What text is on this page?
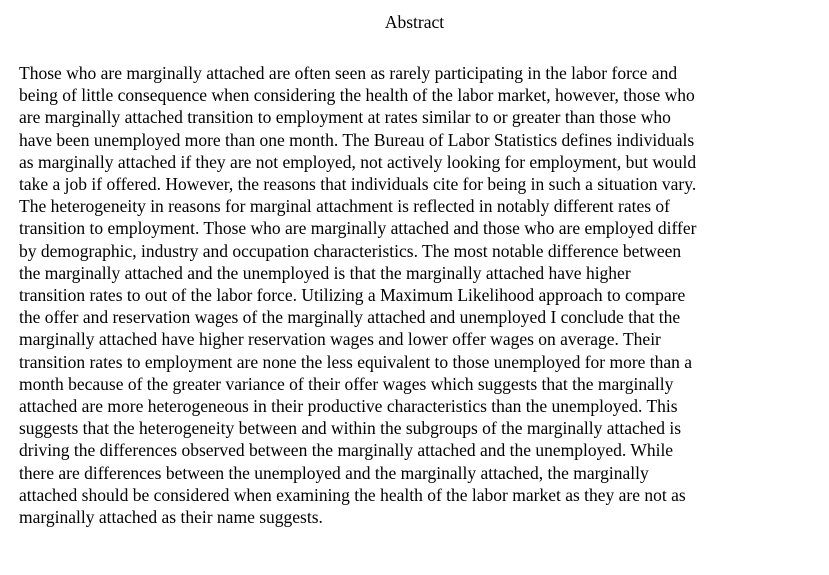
Abstract
Those who are marginally attached are often seen as rarely participating in the labor force and
being of little consequence when considering the health of the labor market, however, those who
are marginally attached transition to employment at rates similar to or greater than those who
have been unemployed more than one month. The Bureau of Labor Statistics defines individuals
as marginally attached if they are not employed, not actively looking for employment, but would
take a job if offered. However, the reasons that individuals cite for being in such a situation vary.
The heterogeneity in reasons for marginal attachment is reflected in notably different rates of
transition to employment. Those who are marginally attached and those who are employed differ
by demographic, industry and occupation characteristics. The most notable difference between
the marginally attached and the unemployed is that the marginally attached have higher
transition rates to out of the labor force. Utilizing a Maximum Likelihood approach to compare
the offer and reservation wages of the marginally attached and unemployed I conclude that the
marginally attached have higher reservation wages and lower offer wages on average. Their
transition rates to employment are none the less equivalent to those unemployed for more than a
month because of the greater variance of their offer wages which suggests that the marginally
attached are more heterogeneous in their productive characteristics than the unemployed. This
suggests that the heterogeneity between and within the subgroups of the marginally attached is
driving the differences observed between the marginally attached and the unemployed. While
there are differences between the unemployed and the marginally attached, the marginally
attached should be considered when examining the health of the labor market as they are not as
marginally attached as their name suggests.
